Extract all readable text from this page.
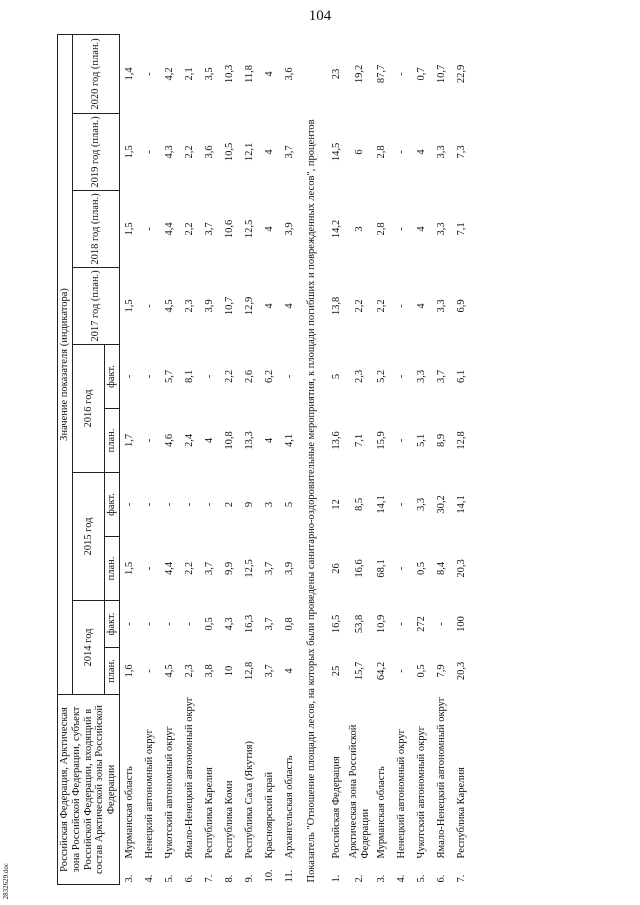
104
Российская Федерация, Арктическая зона Российской Федерации, субъект Российской Федерации, входящий в состав Арктической зоны Российской Федерации		Значение показателя (индикатора)									
		2014 год		2015 год		2016 год		2017 год (план.)	2018 год (план.)	2019 год (план.)	2020 год (план.)
		план.	факт.	план.	факт.	план.	факт.				
3.	Мурманская область	1,6	-	1,5	-	1,7	-	1,5	1,5	1,5	1,4
4.	Ненецкий автономный округ	-	-	-	-	-	-	-	-	-	-
5.	Чукотский автономный округ	4,5	-	4,4	-	4,6	5,7	4,5	4,4	4,3	4,2
6.	Ямало-Ненецкий автономный округ	2,3	-	2,2	-	2,4	8,1	2,3	2,2	2,2	2,1
7.	Республика Карелия	3,8	0,5	3,7	-	4	-	3,9	3,7	3,6	3,5
8.	Республика Коми	10	4,3	9,9	2	10,8	2,2	10,7	10,6	10,5	10,3
9.	Республика Саха (Якутия)	12,8	16,3	12,5	9	13,3	2,6	12,9	12,5	12,1	11,8
10.	Красноярский край	3,7	3,7	3,7	3	4	6,2	4	4	4	4
11.	Архангельская область	4	0,8	3,9	5	4,1	-	4	3,9	3,7	3,6
Показатель "Отношение площади лесов, на которых были проведены санитарно-оздоровительные мероприятия, к площади погибших и поврежденных лесов", процентов											
1.	Российская Федерация	25	16,5	26	12	13,6	5	13,8	14,2	14,5	23
2.	Арктическая зона Российской Федерации	15,7	53,8	16,6	8,5	7,1	2,3	2,2	3	6	19,2
3.	Мурманская область	64,2	10,9	68,1	14,1	15,9	5,2	2,2	2,8	2,8	87,7
4.	Ненецкий автономный округ	-	-	-	-	-	-	-	-	-	-
5.	Чукотский автономный округ	0,5	272	0,5	3,3	5,1	3,3	4	4	4	0,7
6.	Ямало-Ненецкий автономный округ	7,9	-	8,4	30,2	8,9	3,7	3,3	3,3	3,3	10,7
7.	Республика Карелия	20,3	100	20,3	14,1	12,8	6,1	6,9	7,1	7,3	22,9
2832629.doc
